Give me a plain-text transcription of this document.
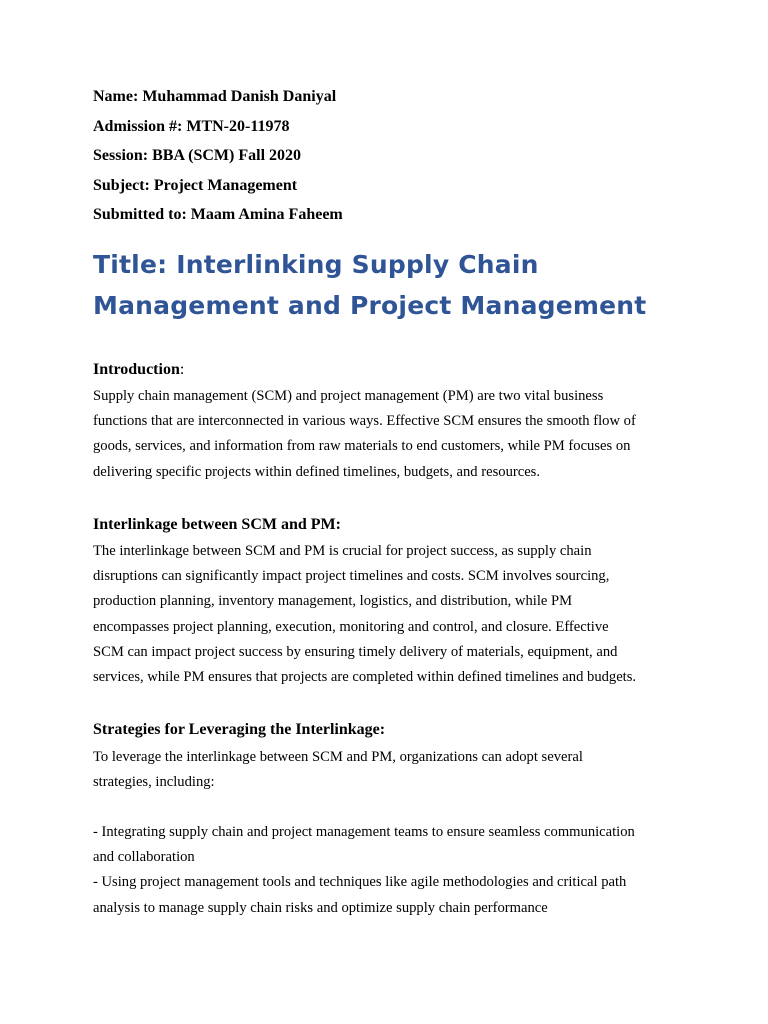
Name: Muhammad Danish Daniyal
Admission #: MTN-20-11978
Session: BBA (SCM) Fall 2020
Subject: Project Management
Submitted to: Maam Amina Faheem
Title: Interlinking Supply Chain
Management and Project Management
Introduction:
Supply chain management (SCM) and project management (PM) are two vital business
functions that are interconnected in various ways. Effective SCM ensures the smooth flow of
goods, services, and information from raw materials to end customers, while PM focuses on
delivering specific projects within defined timelines, budgets, and resources.
Interlinkage between SCM and PM:
The interlinkage between SCM and PM is crucial for project success, as supply chain
disruptions can significantly impact project timelines and costs. SCM involves sourcing,
production planning, inventory management, logistics, and distribution, while PM
encompasses project planning, execution, monitoring and control, and closure. Effective
SCM can impact project success by ensuring timely delivery of materials, equipment, and
services, while PM ensures that projects are completed within defined timelines and budgets.
Strategies for Leveraging the Interlinkage:
To leverage the interlinkage between SCM and PM, organizations can adopt several
strategies, including:
- Integrating supply chain and project management teams to ensure seamless communication
and collaboration
- Using project management tools and techniques like agile methodologies and critical path
analysis to manage supply chain risks and optimize supply chain performance
